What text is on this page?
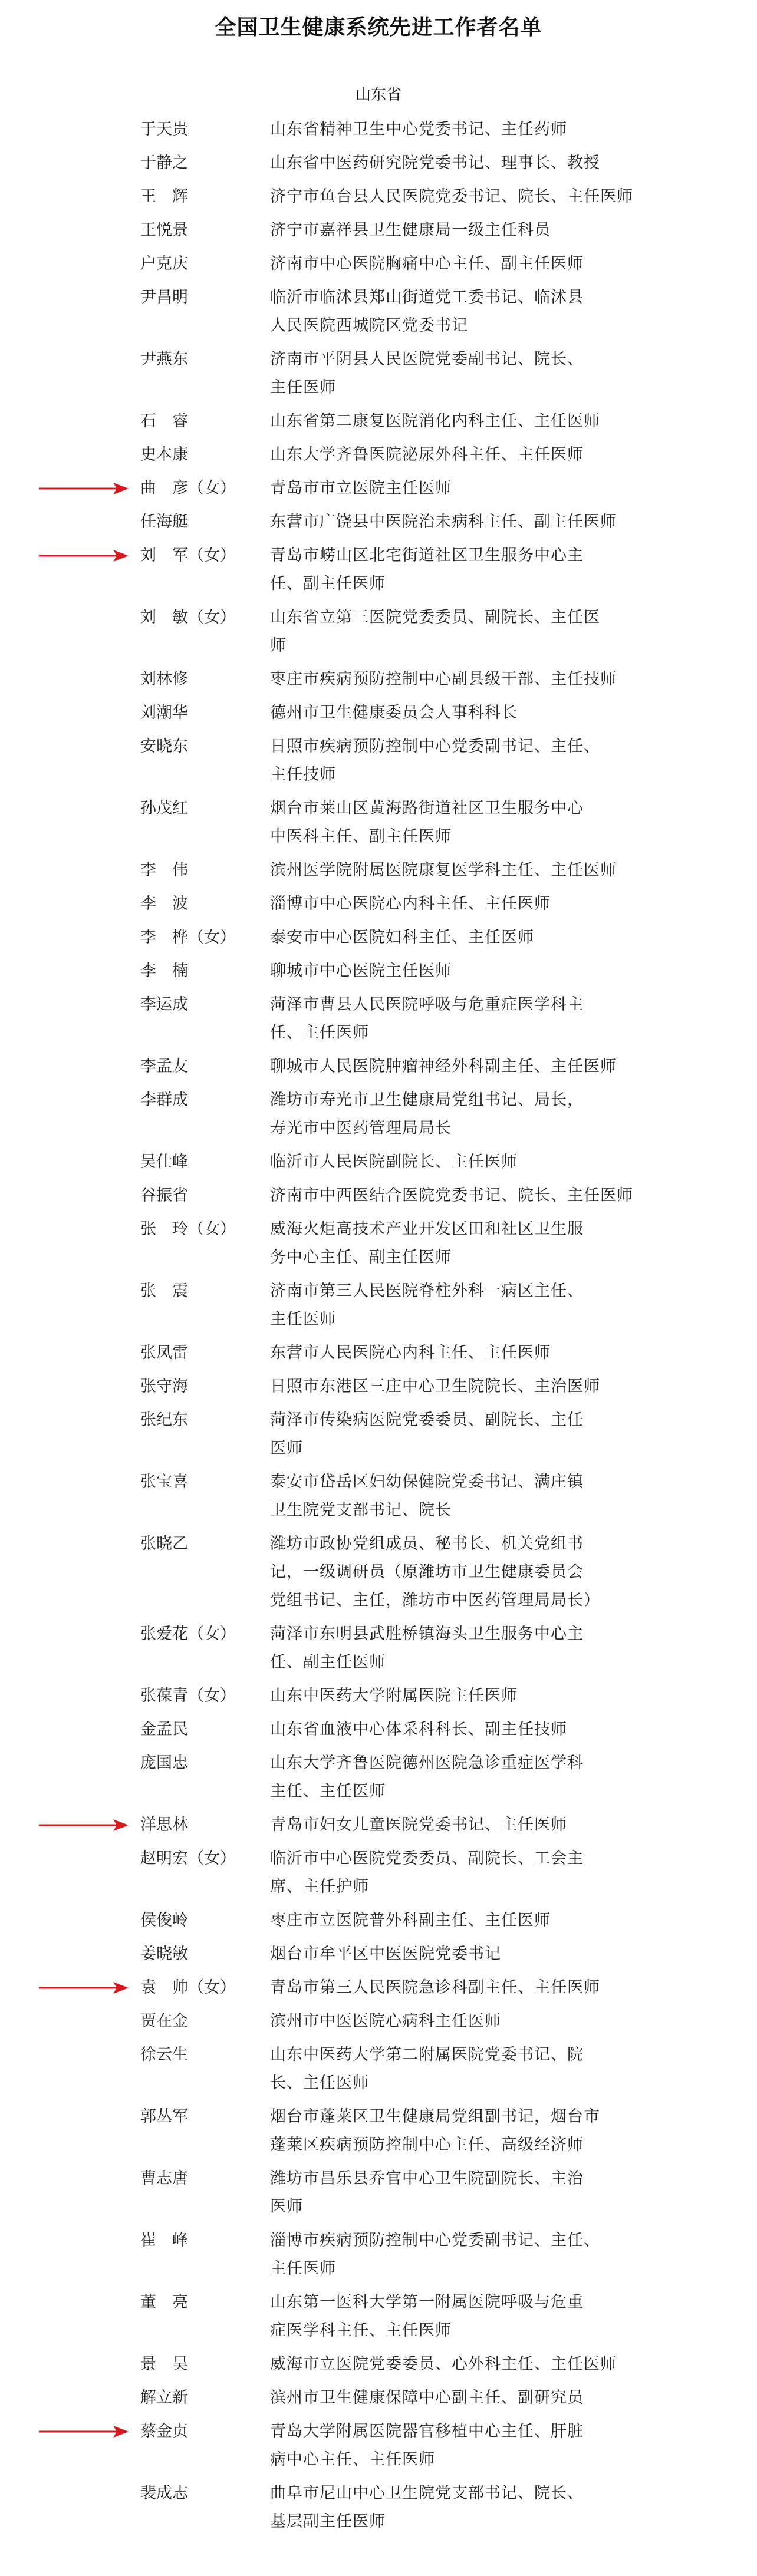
全国卫生健康系统先进工作者名单
山东省
于天贵	山东省精神卫生中心党委书记、主任药师
于静之	山东省中医药研究院党委书记、理事长、教授
王　辉	济宁市鱼台县人民医院党委书记、院长、主任医师
王悦景	济宁市嘉祥县卫生健康局一级主任科员
户克庆	济南市中心医院胸痛中心主任、副主任医师
尹昌明	临沂市临沭县郑山街道党工委书记、临沭县
人民医院西城院区党委书记
尹燕东	济南市平阴县人民医院党委副书记、院长、
主任医师
石　睿	山东省第二康复医院消化内科主任、主任医师
史本康	山东大学齐鲁医院泌尿外科主任、主任医师
曲　彦（女） 青岛市市立医院主任医师
任海艇	东营市广饶县中医院治未病科主任、副主任医师
刘　军（女） 青岛市崂山区北宅街道社区卫生服务中心主
任、副主任医师
刘　敏（女） 山东省立第三医院党委委员、副院长、主任医
师
刘林修	枣庄市疾病预防控制中心副县级干部、主任技师
刘潮华	德州市卫生健康委员会人事科科长
安晓东	日照市疾病预防控制中心党委副书记、主任、
主任技师
孙茂红	烟台市莱山区黄海路街道社区卫生服务中心
中医科主任、副主任医师
李　伟	滨州医学院附属医院康复医学科主任、主任医师
李　波	淄博市中心医院心内科主任、主任医师
李　桦（女） 泰安市中心医院妇科主任、主任医师
李　楠	聊城市中心医院主任医师
李运成	菏泽市曹县人民医院呼吸与危重症医学科主
任、主任医师
李孟友	聊城市人民医院肿瘤神经外科副主任、主任医师
李群成	潍坊市寿光市卫生健康局党组书记、局长，
寿光市中医药管理局局长
吴仕峰	临沂市人民医院副院长、主任医师
谷振省	济南市中西医结合医院党委书记、院长、主任医师
张　玲（女） 威海火炬高技术产业开发区田和社区卫生服
务中心主任、副主任医师
张　震	济南市第三人民医院脊柱外科一病区主任、
主任医师
张凤雷	东营市人民医院心内科主任、主任医师
张守海	日照市东港区三庄中心卫生院院长、主治医师
张纪东	菏泽市传染病医院党委委员、副院长、主任
医师
张宝喜	泰安市岱岳区妇幼保健院党委书记、满庄镇
卫生院党支部书记、院长
张晓乙	潍坊市政协党组成员、秘书长、机关党组书
记，一级调研员（原潍坊市卫生健康委员会
党组书记、主任，潍坊市中医药管理局局长）
张爱花（女） 菏泽市东明县武胜桥镇海头卫生服务中心主
任、副主任医师
张葆青（女） 山东中医药大学附属医院主任医师
金孟民	山东省血液中心体采科科长、副主任技师
庞国忠	山东大学齐鲁医院德州医院急诊重症医学科
主任、主任医师
洋思林	青岛市妇女儿童医院党委书记、主任医师
赵明宏（女） 临沂市中心医院党委委员、副院长、工会主
席、主任护师
侯俊岭	枣庄市立医院普外科副主任、主任医师
姜晓敏	烟台市牟平区中医医院党委书记
袁　帅（女） 青岛市第三人民医院急诊科副主任、主任医师
贾在金	滨州市中医医院心病科主任医师
徐云生	山东中医药大学第二附属医院党委书记、院
长、主任医师
郭丛军	烟台市蓬莱区卫生健康局党组副书记，烟台市
蓬莱区疾病预防控制中心主任、高级经济师
曹志唐	潍坊市昌乐县乔官中心卫生院副院长、主治
医师
崔　峰	淄博市疾病预防控制中心党委副书记、主任、
主任医师
董　亮	山东第一医科大学第一附属医院呼吸与危重
症医学科主任、主任医师
景　昊	威海市立医院党委委员、心外科主任、主任医师
解立新	滨州市卫生健康保障中心副主任、副研究员
蔡金贞	青岛大学附属医院器官移植中心主任、肝脏
病中心主任、主任医师
裴成志	曲阜市尼山中心卫生院党支部书记、院长、
基层副主任医师
